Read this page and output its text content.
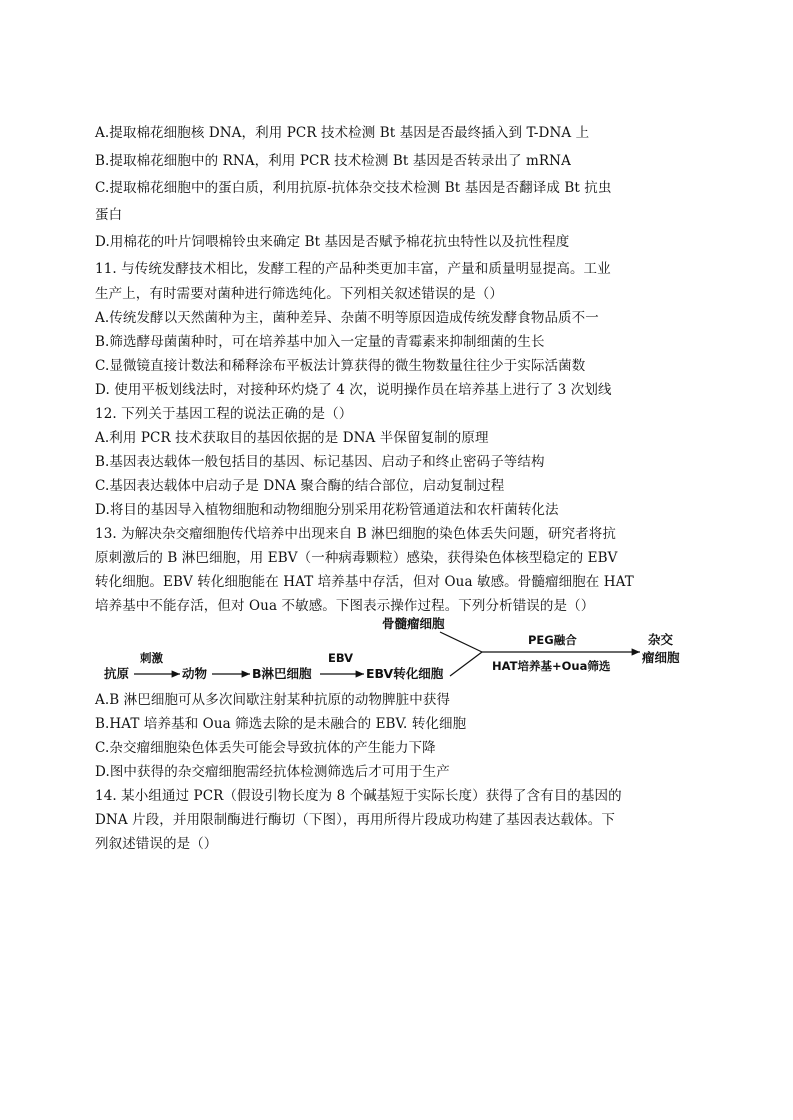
A.提取棉花细胞核 DNA，利用 PCR 技术检测 Bt 基因是否最终插入到 T-DNA 上
B.提取棉花细胞中的 RNA，利用 PCR 技术检测 Bt 基因是否转录出了 mRNA
C.提取棉花细胞中的蛋白质，利用抗原-抗体杂交技术检测 Bt 基因是否翻译成 Bt 抗虫
蛋白
D.用棉花的叶片饲喂棉铃虫来确定 Bt 基因是否赋予棉花抗虫特性以及抗性程度
11. 与传统发酵技术相比，发酵工程的产品种类更加丰富，产量和质量明显提高。工业
生产上，有时需要对菌种进行筛选纯化。下列相关叙述错误的是（）
A.传统发酵以天然菌种为主，菌种差异、杂菌不明等原因造成传统发酵食物品质不一
B.筛选酵母菌菌种时，可在培养基中加入一定量的青霉素来抑制细菌的生长
C.显微镜直接计数法和稀释涂布平板法计算获得的微生物数量往往少于实际活菌数
D. 使用平板划线法时，对接种环灼烧了 4 次，说明操作员在培养基上进行了 3 次划线
12. 下列关于基因工程的说法正确的是（）
A.利用 PCR 技术获取目的基因依据的是 DNA 半保留复制的原理
B.基因表达载体一般包括目的基因、标记基因、启动子和终止密码子等结构
C.基因表达载体中启动子是 DNA 聚合酶的结合部位，启动复制过程
D.将目的基因导入植物细胞和动物细胞分别采用花粉管通道法和农杆菌转化法
13. 为解决杂交瘤细胞传代培养中出现来自 B 淋巴细胞的染色体丢失问题，研究者将抗
原刺激后的 B 淋巴细胞，用 EBV（一种病毒颗粒）感染，获得染色体核型稳定的 EBV
转化细胞。EBV 转化细胞能在 HAT 培养基中存活，但对 Oua 敏感。骨髓瘤细胞在 HAT
培养基中不能存活，但对 Oua 不敏感。下图表示操作过程。下列分析错误的是（）
骨髓瘤细胞
抗原
刺激
动物	B淋巴细胞
EBV
EBV转化细胞
PEG融合
HAT培养基+Oua筛选
杂交
瘤细胞
A.B 淋巴细胞可从多次间歇注射某种抗原的动物脾脏中获得
B.HAT 培养基和 Oua 筛选去除的是未融合的 EBV. 转化细胞
C.杂交瘤细胞染色体丢失可能会导致抗体的产生能力下降
D.图中获得的杂交瘤细胞需经抗体检测筛选后才可用于生产
14. 某小组通过 PCR（假设引物长度为 8 个碱基短于实际长度）获得了含有目的基因的
DNA 片段，并用限制酶进行酶切（下图），再用所得片段成功构建了基因表达载体。下
列叙述错误的是（）
